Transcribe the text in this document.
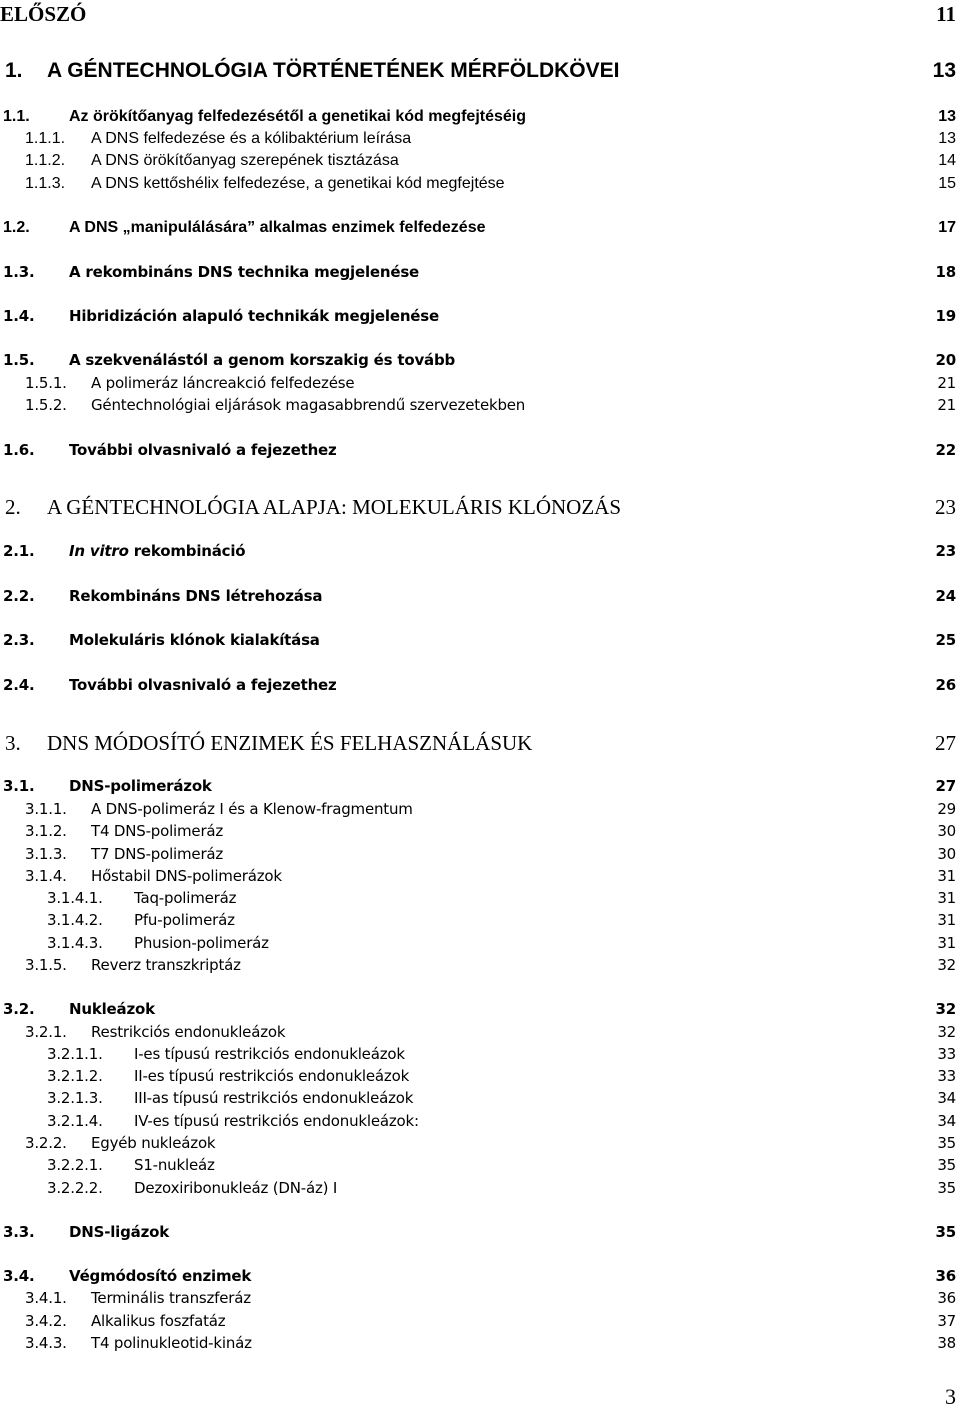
ELŐSZÓ	11
1. A GÉNTECHNOLÓGIA TÖRTÉNETÉNEK MÉRFÖLDKÖVEI	13
1.1. Az örökítőanyag felfedezésétől a genetikai kód megfejtéséig	13
1.1.1. A DNS felfedezése és a kólibaktérium leírása	13
1.1.2. A DNS örökítőanyag szerepének tisztázása	14
1.1.3. A DNS kettőshélix felfedezése, a genetikai kód megfejtése	15
1.2. A DNS „manipulálására” alkalmas enzimek felfedezése	17
1.3. A rekombináns DNS technika megjelenése	18
1.4. Hibridizáción alapuló technikák megjelenése	19
1.5. A szekvenálástól a genom korszakig és tovább	20
1.5.1. A polimeráz láncreakció felfedezése	21
1.5.2. Géntechnológiai eljárások magasabbrendű szervezetekben	21
1.6. További olvasnivaló a fejezethez	22
2. A GÉNTECHNOLÓGIA ALAPJA: MOLEKULÁRIS KLÓNOZÁS	23
2.1. In vitro rekombináció	23
2.2. Rekombináns DNS létrehozása	24
2.3. Molekuláris klónok kialakítása	25
2.4. További olvasnivaló a fejezethez	26
3. DNS MÓDOSÍTÓ ENZIMEK ÉS FELHASZNÁLÁSUK	27
3.1. DNS-polimerázok	27
3.1.1. A DNS-polimeráz I és a Klenow-fragmentum	29
3.1.2. T4 DNS-polimeráz	30
3.1.3. T7 DNS-polimeráz	30
3.1.4. Hőstabil DNS-polimerázok	31
3.1.4.1. Taq-polimeráz	31
3.1.4.2. Pfu-polimeráz	31
3.1.4.3. Phusion-polimeráz	31
3.1.5. Reverz transzkriptáz	32
3.2. Nukleázok	32
3.2.1. Restrikciós endonukleázok	32
3.2.1.1. I-es típusú restrikciós endonukleázok	33
3.2.1.2. II-es típusú restrikciós endonukleázok	33
3.2.1.3. III-as típusú restrikciós endonukleázok	34
3.2.1.4. IV-es típusú restrikciós endonukleázok:	34
3.2.2. Egyéb nukleázok	35
3.2.2.1. S1-nukleáz	35
3.2.2.2. Dezoxiribonukleáz (DN-áz) I	35
3.3. DNS-ligázok	35
3.4. Végmódosító enzimek	36
3.4.1. Terminális transzferáz	36
3.4.2. Alkalikus foszfatáz	37
3.4.3. T4 polinukleotid-kináz	38
3
